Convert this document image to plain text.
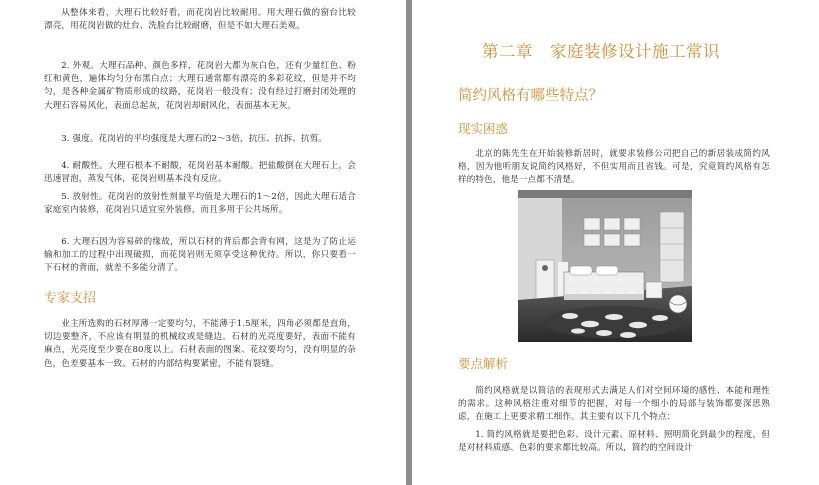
从整体来看，大理石比较好看，而花岗岩比较耐用。用大理石做的窗台比较漂亮，用花岗岩做的灶台、洗脸台比较耐磨，但是不如大理石美观。

2. 外观。大理石品种、颜色多样，花岗岩大都为灰白色，还有少量红色、粉红和黄色，遍体均匀分布黑白点；大理石通常都有漂亮的多彩花纹，但是并不均匀，是各种金属矿物质形成的纹路，花岗岩一般没有；没有经过打磨封闭处理的大理石容易风化，表面总起灰，花岗岩却耐风化，表面基本无灰。

3. 强度。花岗岩的平均强度是大理石的2～3倍，抗压、抗拆、抗剪。

4. 耐酸性。大理石根本不耐酸，花岗岩基本耐酸。把盐酸倒在大理石上，会迅速冒泡，蒸发气体，花岗岩则基本没有反应。

5. 放射性。花岗岩的放射性剂量平均值是大理石的1～2倍，因此大理石适合家庭室内装修，花岗岩只适宜室外装修，而且多用于公共场所。

6. 大理石因为容易碎的缘故，所以石材的背后都会背有网，这是为了防止运输和加工的过程中出现破损，而花岗岩则无须享受这种优待。所以，你只要看一下石材的背面，就差不多能分清了。

专家支招

业主所选购的石材厚薄一定要均匀，不能薄于1.5厘米，四角必须都是直角，切边要整齐，不应该有明显的机械纹或是缝边。石材的光亮度要好，表面不能有麻点，光亮度至少要在80度以上。石材表面的图案、花纹要均匀，没有明显的杂色，色差要基本一致。石材的内部结构要紧密，不能有裂缝。

第二章　家庭装修设计施工常识
简约风格有哪些特点？
现实困惑

北京的陈先生在开始装修新居时，就要求装修公司把自己的新居装成简约风格，因为他听朋友说简约风格好，不但实用而且省钱。可是，究竟简约风格有怎样的特色，他是一点都不清楚。

要点解析

简约风格就是以简洁的表现形式去满足人们对空间环境的感性、本能和理性的需求。这种风格注重对细节的把握，对每一个细小的局部与装饰都要深思熟虑，在施工上更要求精工细作。其主要有以下几个特点：

1. 简约风格就是要把色彩、设计元素、原材料、照明简化到最少的程度，但是对材料质感、色彩的要求都比较高。所以，简约的空间设计
